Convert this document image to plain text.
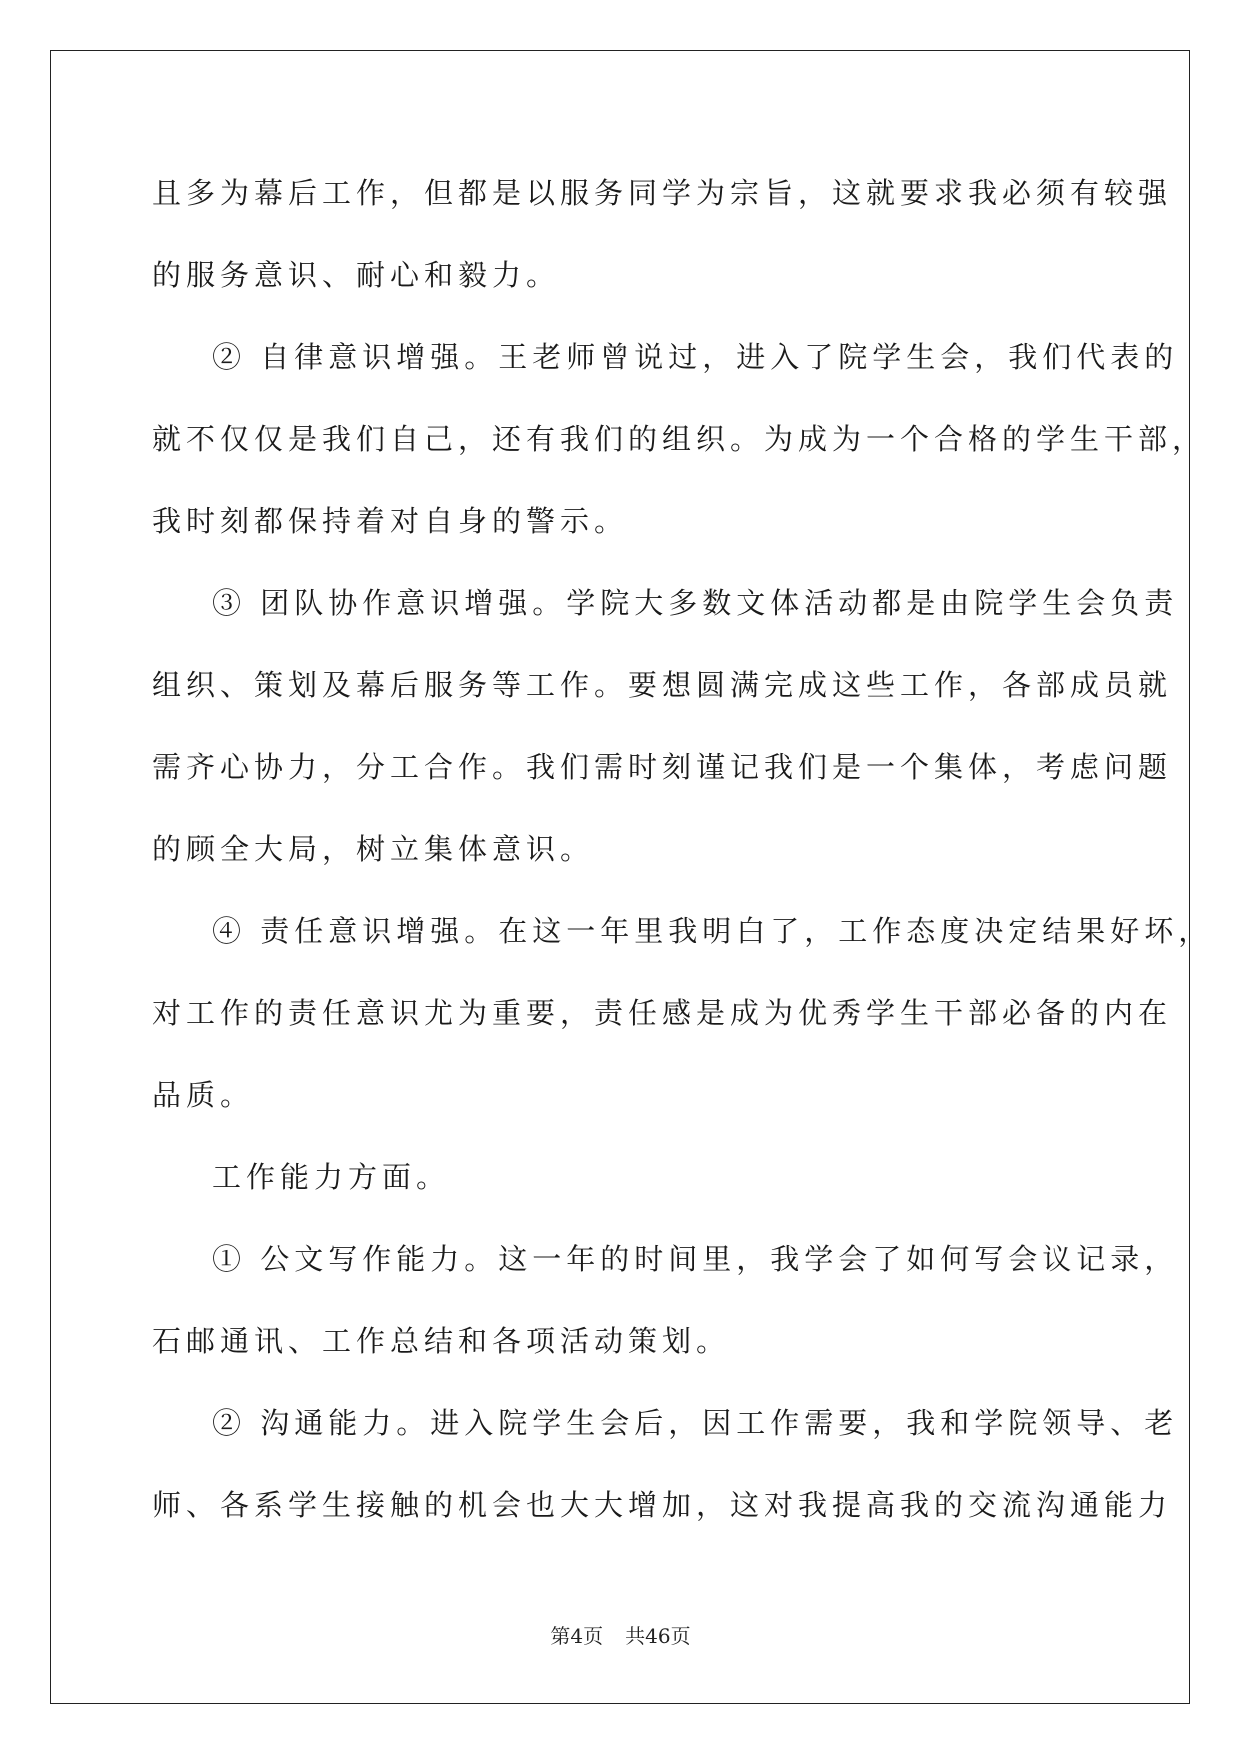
且多为幕后工作，但都是以服务同学为宗旨，这就要求我必须有较强
的服务意识、耐心和毅力。
② 自律意识增强。王老师曾说过，进入了院学生会，我们代表的
就不仅仅是我们自己，还有我们的组织。为成为一个合格的学生干部，
我时刻都保持着对自身的警示。
③ 团队协作意识增强。学院大多数文体活动都是由院学生会负责
组织、策划及幕后服务等工作。要想圆满完成这些工作，各部成员就
需齐心协力，分工合作。我们需时刻谨记我们是一个集体，考虑问题
的顾全大局，树立集体意识。
④ 责任意识增强。在这一年里我明白了，工作态度决定结果好坏，
对工作的责任意识尤为重要，责任感是成为优秀学生干部必备的内在
品质。
工作能力方面。
① 公文写作能力。这一年的时间里，我学会了如何写会议记录，
石邮通讯、工作总结和各项活动策划。
② 沟通能力。进入院学生会后，因工作需要，我和学院领导、老
师、各系学生接触的机会也大大增加，这对我提高我的交流沟通能力
第4页 共46页
